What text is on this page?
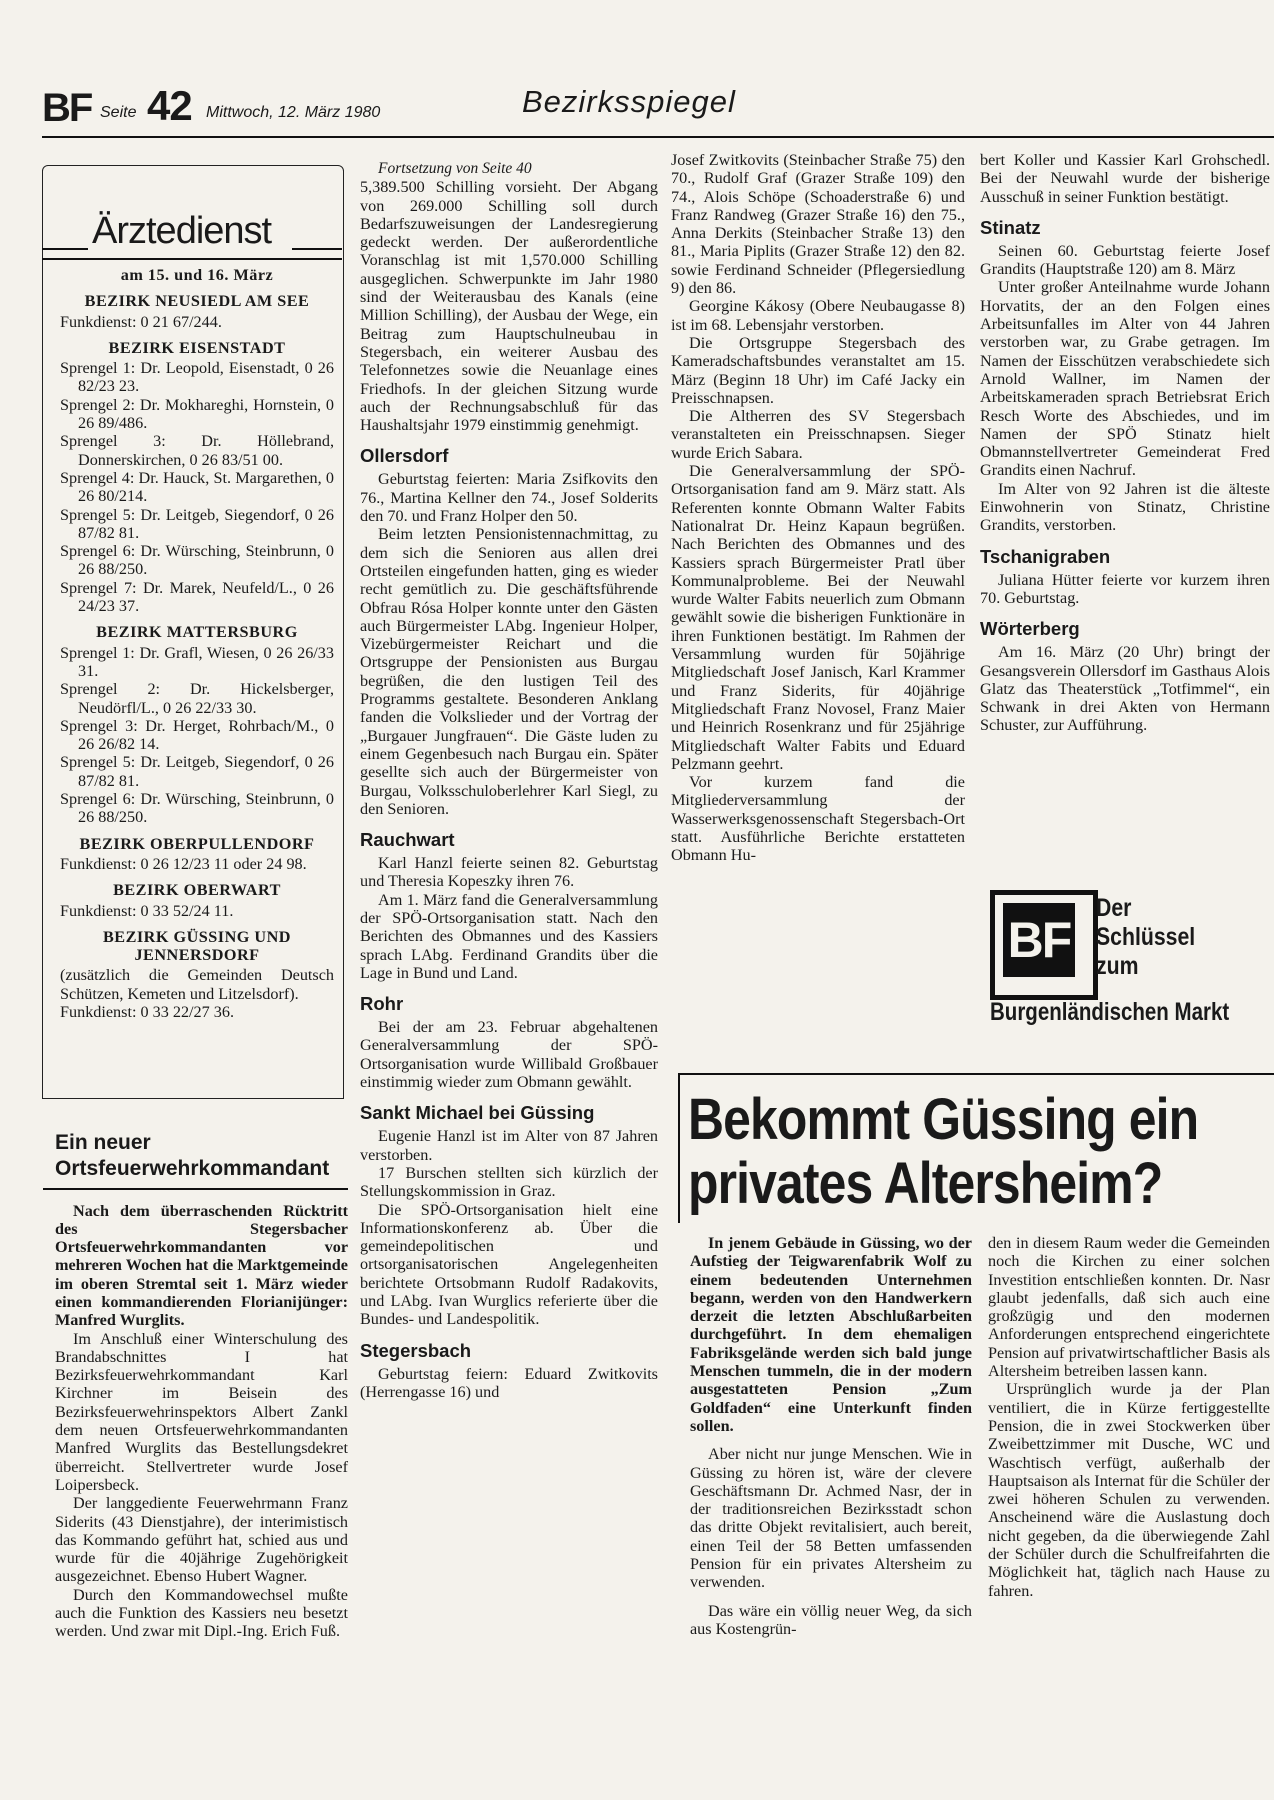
BF Seite 42 Mittwoch, 12. März 1980	Bezirksspiegel
Ärztedienst
am 15. und 16. März
BEZIRK NEUSIEDL AM SEE
Funkdienst: 0 21 67/244.
BEZIRK EISENSTADT
Sprengel 1: Dr. Leopold, Eisenstadt, 0 26 82/23 23.
Sprengel 2: Dr. Mokhareghi, Hornstein, 0 26 89/486.
Sprengel 3: Dr. Höllebrand, Donnerskirchen, 0 26 83/51 00.
Sprengel 4: Dr. Hauck, St. Margarethen, 0 26 80/214.
Sprengel 5: Dr. Leitgeb, Siegendorf, 0 26 87/82 81.
Sprengel 6: Dr. Würsching, Steinbrunn, 0 26 88/250.
Sprengel 7: Dr. Marek, Neufeld/L., 0 26 24/23 37.
BEZIRK MATTERSBURG
Sprengel 1: Dr. Grafl, Wiesen, 0 26 26/33 31.
Sprengel 2: Dr. Hickelsberger, Neudörfl/L., 0 26 22/33 30.
Sprengel 3: Dr. Herget, Rohrbach/M., 0 26 26/82 14.
Sprengel 5: Dr. Leitgeb, Siegendorf, 0 26 87/82 81.
Sprengel 6: Dr. Würsching, Steinbrunn, 0 26 88/250.
BEZIRK OBERPULLENDORF
Funkdienst: 0 26 12/23 11 oder 24 98.
BEZIRK OBERWART
Funkdienst: 0 33 52/24 11.
BEZIRK GÜSSING UND JENNERSDORF
(zusätzlich die Gemeinden Deutsch Schützen, Kemeten und Litzelsdorf).
Funkdienst: 0 33 22/27 36.
Ein neuer Ortsfeuerwehrkommandant

Nach dem überraschenden Rücktritt des Stegersbacher Ortsfeuerwehrkommandanten vor mehreren Wochen hat die Marktgemeinde im oberen Stremtal seit 1. März wieder einen kommandierenden Florianijünger: Manfred Wurglits.

Im Anschluß einer Winterschulung des Brandabschnittes I hat Bezirksfeuerwehrkommandant Karl Kirchner im Beisein des Bezirksfeuerwehrinspektors Albert Zankl dem neuen Ortsfeuerwehrkommandanten Manfred Wurglits das Bestellungsdekret überreicht. Stellvertreter wurde Josef Loipersbeck.

Der langgediente Feuerwehrmann Franz Siderits (43 Dienstjahre), der interimistisch das Kommando geführt hat, schied aus und wurde für die 40jährige Zugehörigkeit ausgezeichnet. Ebenso Hubert Wagner.

Durch den Kommandowechsel mußte auch die Funktion des Kassiers neu besetzt werden. Und zwar mit Dipl.-Ing. Erich Fuß.

Fortsetzung von Seite 40

5,389.500 Schilling vorsieht. Der Abgang von 269.000 Schilling soll durch Bedarfszuweisungen der Landesregierung gedeckt werden. Der außerordentliche Voranschlag ist mit 1,570.000 Schilling ausgeglichen. Schwerpunkte im Jahr 1980 sind der Weiterausbau des Kanals (eine Million Schilling), der Ausbau der Wege, ein Beitrag zum Hauptschulneubau in Stegersbach, ein weiterer Ausbau des Telefonnetzes sowie die Neuanlage eines Friedhofs. In der gleichen Sitzung wurde auch der Rechnungsabschluß für das Haushaltsjahr 1979 einstimmig genehmigt.

Ollersdorf

Geburtstag feierten: Maria Zsifkovits den 76., Martina Kellner den 74., Josef Solderits den 70. und Franz Holper den 50.

Beim letzten Pensionistennachmittag, zu dem sich die Senioren aus allen drei Ortsteilen eingefunden hatten, ging es wieder recht gemütlich zu. Die geschäftsführende Obfrau Rósa Holper konnte unter den Gästen auch Bürgermeister LAbg. Ingenieur Holper, Vizebürgermeister Reichart und die Ortsgruppe der Pensionisten aus Burgau begrüßen, die den lustigen Teil des Programms gestaltete. Besonderen Anklang fanden die Volkslieder und der Vortrag der „Burgauer Jungfrauen“. Die Gäste luden zu einem Gegenbesuch nach Burgau ein. Später gesellte sich auch der Bürgermeister von Burgau, Volksschuloberlehrer Karl Siegl, zu den Senioren.

Rauchwart

Karl Hanzl feierte seinen 82. Geburtstag und Theresia Kopeszky ihren 76.

Am 1. März fand die Generalversammlung der SPÖ-Ortsorganisation statt. Nach den Berichten des Obmannes und des Kassiers sprach LAbg. Ferdinand Grandits über die Lage in Bund und Land.

Rohr

Bei der am 23. Februar abgehaltenen Generalversammlung der SPÖ-Ortsorganisation wurde Willibald Großbauer einstimmig wieder zum Obmann gewählt.

Sankt Michael bei Güssing

Eugenie Hanzl ist im Alter von 87 Jahren verstorben.

17 Burschen stellten sich kürzlich der Stellungskommission in Graz.

Die SPÖ-Ortsorganisation hielt eine Informationskonferenz ab. Über die gemeindepolitischen und ortsorganisatorischen Angelegenheiten berichtete Ortsobmann Rudolf Radakovits, und LAbg. Ivan Wurglics referierte über die Bundes- und Landespolitik.

Stegersbach

Geburtstag feiern: Eduard Zwitkovits (Herrengasse 16) und

Josef Zwitkovits (Steinbacher Straße 75) den 70., Rudolf Graf (Grazer Straße 109) den 74., Alois Schöpe (Schoaderstraße 6) und Franz Randweg (Grazer Straße 16) den 75., Anna Derkits (Steinbacher Straße 13) den 81., Maria Piplits (Grazer Straße 12) den 82. sowie Ferdinand Schneider (Pflegersiedlung 9) den 86.

Georgine Kákosy (Obere Neubaugasse 8) ist im 68. Lebensjahr verstorben.

Die Ortsgruppe Stegersbach des Kameradschaftsbundes veranstaltet am 15. März (Beginn 18 Uhr) im Café Jacky ein Preisschnapsen.

Die Altherren des SV Stegersbach veranstalteten ein Preisschnapsen. Sieger wurde Erich Sabara.

Die Generalversammlung der SPÖ-Ortsorganisation fand am 9. März statt. Als Referenten konnte Obmann Walter Fabits Nationalrat Dr. Heinz Kapaun begrüßen. Nach Berichten des Obmannes und des Kassiers sprach Bürgermeister Pratl über Kommunalprobleme. Bei der Neuwahl wurde Walter Fabits neuerlich zum Obmann gewählt sowie die bisherigen Funktionäre in ihren Funktionen bestätigt. Im Rahmen der Versammlung wurden für 50jährige Mitgliedschaft Josef Janisch, Karl Krammer und Franz Siderits, für 40jährige Mitgliedschaft Franz Novosel, Franz Maier und Heinrich Rosenkranz und für 25jährige Mitgliedschaft Walter Fabits und Eduard Pelzmann geehrt.

Vor kurzem fand die Mitgliederversammlung der Wasserwerksgenossenschaft Stegersbach-Ort statt. Ausführliche Berichte erstatteten Obmann Hu-

bert Koller und Kassier Karl Grohschedl. Bei der Neuwahl wurde der bisherige Ausschuß in seiner Funktion bestätigt.

Stinatz

Seinen 60. Geburtstag feierte Josef Grandits (Hauptstraße 120) am 8. März

Unter großer Anteilnahme wurde Johann Horvatits, der an den Folgen eines Arbeitsunfalles im Alter von 44 Jahren verstorben war, zu Grabe getragen. Im Namen der Eisschützen verabschiedete sich Arnold Wallner, im Namen der Arbeitskameraden sprach Betriebsrat Erich Resch Worte des Abschiedes, und im Namen der SPÖ Stinatz hielt Obmannstellvertreter Gemeinderat Fred Grandits einen Nachruf.

Im Alter von 92 Jahren ist die älteste Einwohnerin von Stinatz, Christine Grandits, verstorben.

Tschanigraben

Juliana Hütter feierte vor kurzem ihren 70. Geburtstag.

Wörterberg

Am 16. März (20 Uhr) bringt der Gesangsverein Ollersdorf im Gasthaus Alois Glatz das Theaterstück „Totfimmel“, ein Schwank in drei Akten von Hermann Schuster, zur Aufführung.

BF
Der
Schlüssel
zum
Burgenländischen Markt
Bekommt Güssing ein
privates Altersheim?

In jenem Gebäude in Güssing, wo der Aufstieg der Teigwarenfabrik Wolf zu einem bedeutenden Unternehmen begann, werden von den Handwerkern derzeit die letzten Abschlußarbeiten durchgeführt. In dem ehemaligen Fabriksgelände werden sich bald junge Menschen tummeln, die in der modern ausgestatteten Pension „Zum Goldfaden“ eine Unterkunft finden sollen.

Aber nicht nur junge Menschen. Wie in Güssing zu hören ist, wäre der clevere Geschäftsmann Dr. Achmed Nasr, der in der traditionsreichen Bezirksstadt schon das dritte Objekt revitalisiert, auch bereit, einen Teil der 58 Betten umfassenden Pension für ein privates Altersheim zu verwenden.

Das wäre ein völlig neuer Weg, da sich aus Kostengrün-

den in diesem Raum weder die Gemeinden noch die Kirchen zu einer solchen Investition entschließen konnten. Dr. Nasr glaubt jedenfalls, daß sich auch eine großzügig und den modernen Anforderungen entsprechend eingerichtete Pension auf privatwirtschaftlicher Basis als Altersheim betreiben lassen kann.

Ursprünglich wurde ja der Plan ventiliert, die in Kürze fertiggestellte Pension, die in zwei Stockwerken über Zweibettzimmer mit Dusche, WC und Waschtisch verfügt, außerhalb der Hauptsaison als Internat für die Schüler der zwei höheren Schulen zu verwenden. Anscheinend wäre die Auslastung doch nicht gegeben, da die überwiegende Zahl der Schüler durch die Schulfreifahrten die Möglichkeit hat, täglich nach Hause zu fahren.
